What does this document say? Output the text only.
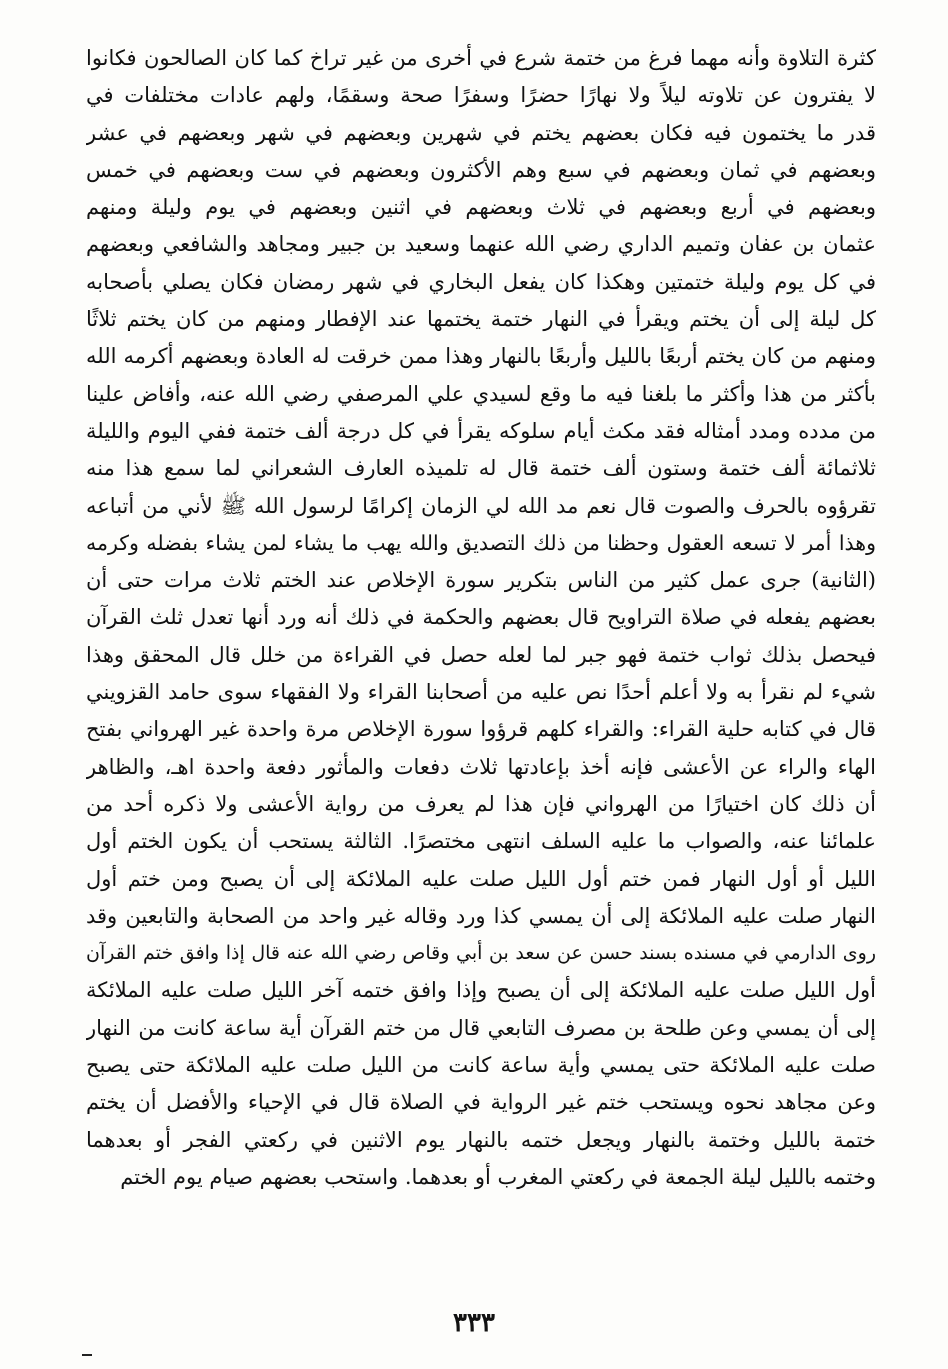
كثرة التلاوة وأنه مهما فرغ من ختمة شرع في أخرى من غير تراخ كما كان الصالحون فكانوا
لا يفترون عن تلاوته ليلاً ولا نهارًا حضرًا وسفرًا صحة وسقمًا، ولهم عادات مختلفات في
قدر ما يختمون فيه فكان بعضهم يختم في شهرين وبعضهم في شهر وبعضهم في عشر
وبعضهم في ثمان وبعضهم في سبع وهم الأكثرون وبعضهم في ست وبعضهم في خمس
وبعضهم في أربع وبعضهم في ثلاث وبعضهم في اثنين وبعضهم في يوم وليلة ومنهم
عثمان بن عفان وتميم الداري رضي الله عنهما وسعيد بن جبير ومجاهد والشافعي وبعضهم
في كل يوم وليلة ختمتين وهكذا كان يفعل البخاري في شهر رمضان فكان يصلي بأصحابه
كل ليلة إلى أن يختم ويقرأ في النهار ختمة يختمها عند الإفطار ومنهم من كان يختم ثلاثًا
ومنهم من كان يختم أربعًا بالليل وأربعًا بالنهار وهذا ممن خرقت له العادة وبعضهم أكرمه الله
بأكثر من هذا وأكثر ما بلغنا فيه ما وقع لسيدي علي المرصفي رضي الله عنه، وأفاض علينا
من مدده ومدد أمثاله فقد مكث أيام سلوكه يقرأ في كل درجة ألف ختمة ففي اليوم والليلة
ثلاثمائة ألف ختمة وستون ألف ختمة قال له تلميذه العارف الشعراني لما سمع هذا منه
تقرؤوه بالحرف والصوت قال نعم مد الله لي الزمان إكرامًا لرسول الله ﷺ لأني من أتباعه
وهذا أمر لا تسعه العقول وحظنا من ذلك التصديق والله يهب ما يشاء لمن يشاء بفضله وكرمه
(الثانية) جرى عمل كثير من الناس بتكرير سورة الإخلاص عند الختم ثلاث مرات حتى أن
بعضهم يفعله في صلاة التراويح قال بعضهم والحكمة في ذلك أنه ورد أنها تعدل ثلث القرآن
فيحصل بذلك ثواب ختمة فهو جبر لما لعله حصل في القراءة من خلل قال المحقق وهذا
شيء لم نقرأ به ولا أعلم أحدًا نص عليه من أصحابنا القراء ولا الفقهاء سوى حامد القزويني
قال في كتابه حلية القراء: والقراء كلهم قرؤوا سورة الإخلاص مرة واحدة غير الهرواني بفتح
الهاء والراء عن الأعشى فإنه أخذ بإعادتها ثلاث دفعات والمأثور دفعة واحدة اهـ، والظاهر
أن ذلك كان اختيارًا من الهرواني فإن هذا لم يعرف من رواية الأعشى ولا ذكره أحد من
علمائنا عنه، والصواب ما عليه السلف انتهى مختصرًا. الثالثة يستحب أن يكون الختم أول
الليل أو أول النهار فمن ختم أول الليل صلت عليه الملائكة إلى أن يصبح ومن ختم أول
النهار صلت عليه الملائكة إلى أن يمسي كذا ورد وقاله غير واحد من الصحابة والتابعين وقد
روى الدارمي في مسنده بسند حسن عن سعد بن أبي وقاص رضي الله عنه قال إذا وافق ختم القرآن
أول الليل صلت عليه الملائكة إلى أن يصبح وإذا وافق ختمه آخر الليل صلت عليه الملائكة
إلى أن يمسي وعن طلحة بن مصرف التابعي قال من ختم القرآن أية ساعة كانت من النهار
صلت عليه الملائكة حتى يمسي وأية ساعة كانت من الليل صلت عليه الملائكة حتى يصبح
وعن مجاهد نحوه ويستحب ختم غير الرواية في الصلاة قال في الإحياء والأفضل أن يختم
ختمة بالليل وختمة بالنهار ويجعل ختمه بالنهار يوم الاثنين في ركعتي الفجر أو بعدهما
وختمه بالليل ليلة الجمعة في ركعتي المغرب أو بعدهما. واستحب بعضهم صيام يوم الختم
٣٣٣
